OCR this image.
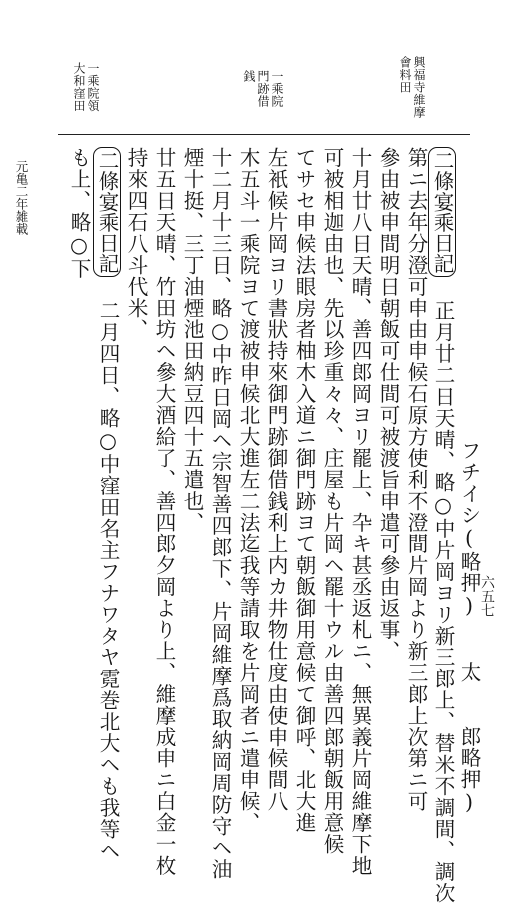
興福寺維摩會料田
一乘院門跡借銭
一乘院領大和窪田
元亀二年雑載
フチイシ(略押)　　太　　郎略押)
二條宴乘日記
正月廿二日天晴、略○中片岡ヨリ新三郎上、替米不調間、調次
第ニ去年分澄可申由申候石原方使利不澄間片岡より新三郎上次第ニ可
參由被申間明日朝飯可仕間可被渡旨申遣可參由返事、
十月廿八日天晴、善四郎岡ヨリ罷上、卆キ甚丞返札ニ、無異義片岡維摩下地
可被相迦由也、先以珍重々々、庄屋も片岡ヘ罷十ウル由善四郎朝飯用意候
てサセ申候法眼房者柚木入道ニ御門跡ヨて朝飯御用意候て御呼、北大進
左衹候片岡ヨリ書狀持來御門跡御借銭利上内カ井物仕度由使申候間八
木五斗一乘院ヨて渡被申候北大進左二法迄我等請取を片岡者ニ遣申候、
十二月十三日、略○中昨日岡ヘ宗智善四郎下、片岡維摩爲取納岡周防守ヘ油
煙十挺、三丁油煙池田納豆四十五遣也、
廿五日天晴、竹田坊ヘ參大酒給了、善四郎夕岡より上、維摩成申ニ白金一枚
持來四石八斗代米、
二條宴乘日記
二月四日、略○中窪田名主フナワタヤ霓巻北大ヘも我等ヘ
も上、略○下
六五七
